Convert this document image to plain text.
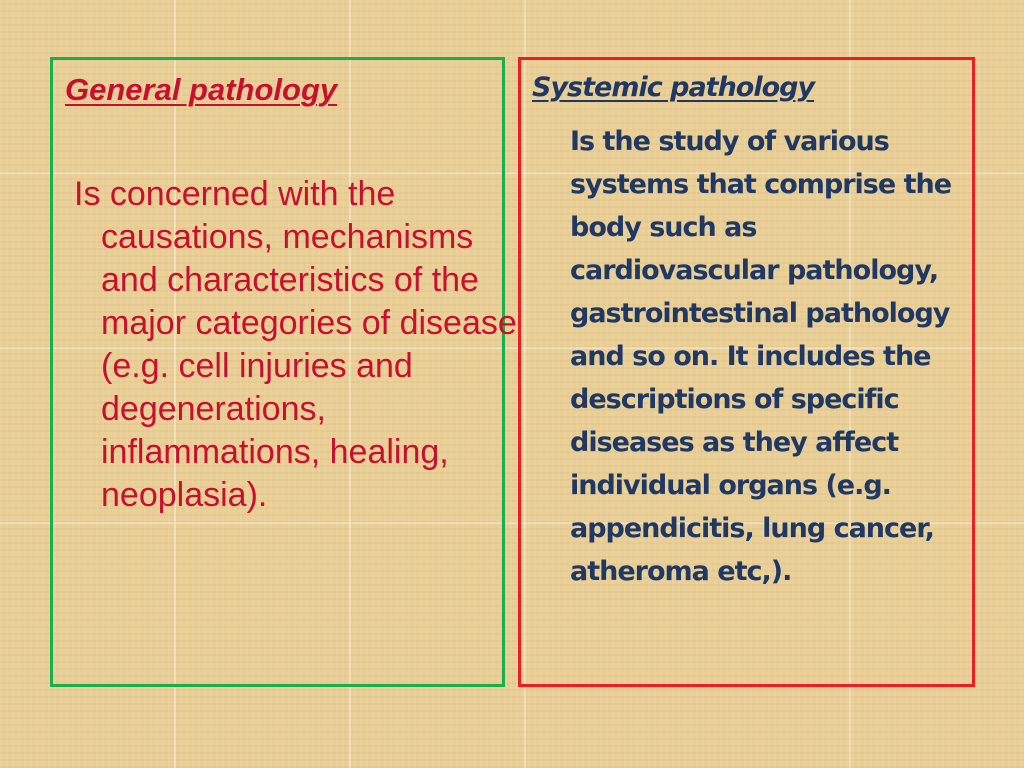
General pathology

Is concerned with the causations, mechanisms and characteristics of the major categories of disease (e.g. cell injuries and degenerations, inflammations, healing, neoplasia).

Systemic pathology

Is the study of various systems that comprise the body such as cardiovascular pathology, gastrointestinal pathology and so on. It includes the descriptions of specific diseases as they affect individual organs (e.g. appendicitis, lung cancer, atheroma etc,).
